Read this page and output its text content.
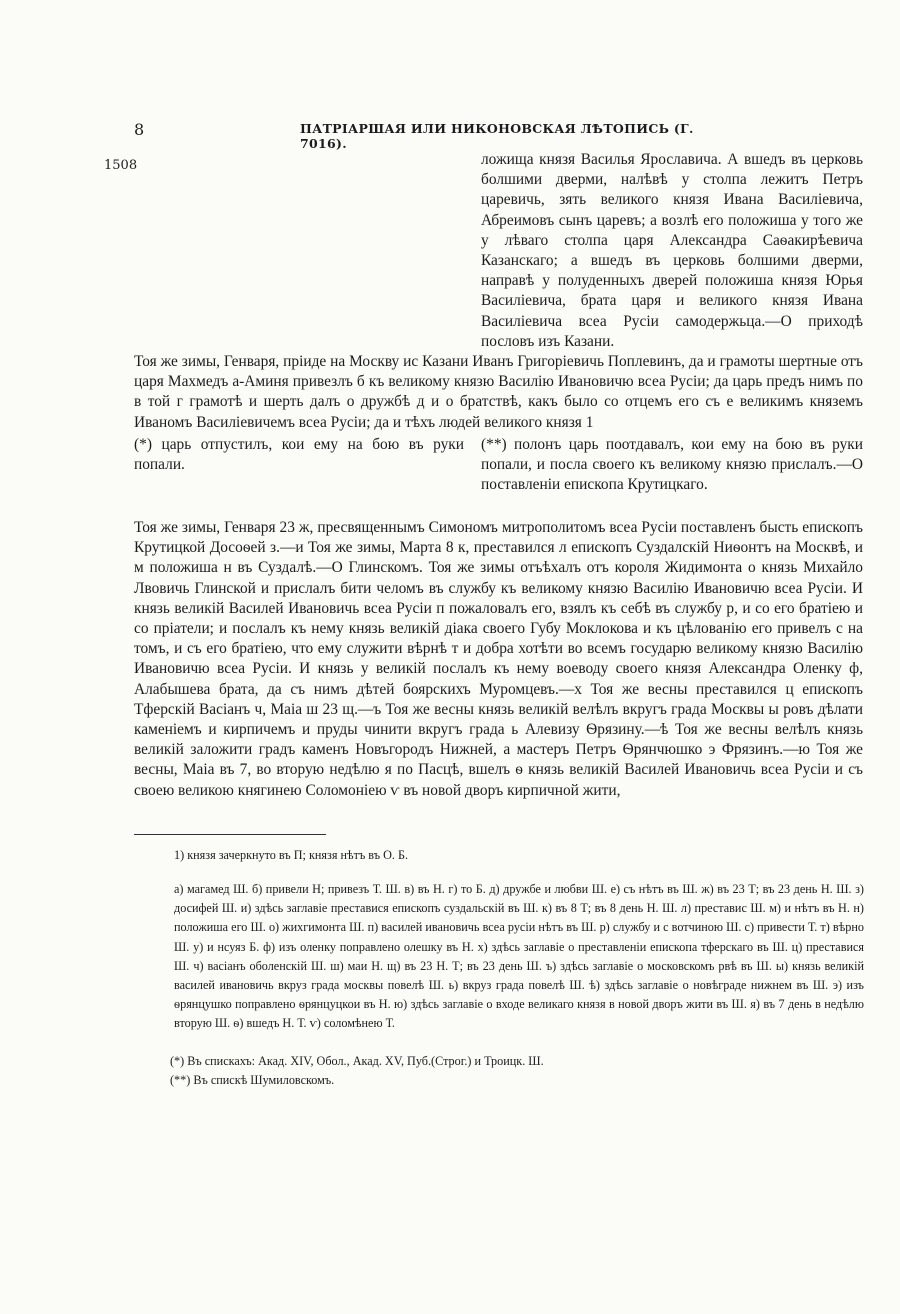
8	ПАТРІАРШАЯ ИЛИ НИКОНОВСКАЯ ЛѢТОПИСЬ (Г. 7016).
1508	ложища князя Василья Ярославича. А вшедъ въ церковь болшими дверми, налѣвѣ у столпа лежитъ Петръ царевичь, зять великого князя Ивана Василіевича, Абреимовъ сынъ царевъ; а возлѣ его положиша у того же у лѣваго столпа царя Александра Саѳакирѣевича Казанскаго; а вшедъ въ церковь болшими дверми, направѣ у полуденныхъ дверей положиша князя Юрья Василіевича, брата царя и великого князя Ивана Василіевича всеа Русіи самодержьца.—О приходѣ пословъ изъ Казани.
Тоя же зимы, Генваря, пріиде на Москву ис Казани Иванъ Григоріевичь Поплевинъ, да и грамоты шертные отъ царя Махмедъ а-Аминя привезлъ б къ великому князю Василію Ивановичю всеа Русіи; да царь предъ нимъ по в той г грамотѣ и шерть далъ о дружбѣ д и о братствѣ, какъ было со отцемъ его съ е великимъ княземъ Иваномъ Василіевичемъ всеа Русіи; да и тѣхъ людей великого князя 1
(*) царь отпустилъ, кои ему на бою въ руки попали.
(**) полонъ царь поотдавалъ, кои ему на бою въ руки попали, и посла своего къ великому князю прислалъ.—О поставленіи епископа Крутицкаго.
Тоя же зимы, Генваря 23 ж, пресвященнымъ Симономъ митрополитомъ всеа Русіи поставленъ бысть епископъ Крутицкой Досоѳей з.—и Тоя же зимы, Марта 8 к, преставился л епископъ Суздалскій Ниѳонтъ на Москвѣ, и м положиша н въ Суздалѣ.—О Глинскомъ. Тоя же зимы отъѣхалъ отъ короля Жидимонта о князь Михайло Лвовичь Глинской и прислалъ бити челомъ въ службу къ великому князю Василію Ивановичю всеа Русіи. И князь великій Василей Ивановичь всеа Русіи п пожаловалъ его, взялъ къ себѣ въ службу р, и со его братіею и со пріатели; и послалъ къ нему князь великій діака своего Губу Моклокова и къ цѣлованію его привелъ с на томъ, и съ его братіею, что ему служити вѣрнѣ т и добра хотѣти во всемъ государю великому князю Василію Ивановичю всеа Русіи. И князь у великій послалъ къ нему воеводу своего князя Александра Оленку ф, Алабышева брата, да съ нимъ дѣтей боярскихъ Муромцевъ.—х Тоя же весны преставился ц епископъ Тферскій Васіанъ ч, Маіа ш 23 щ.—ъ Тоя же весны князь великій велѣлъ вкругъ града Москвы ы ровъ дѣлати каменіемъ и кирпичемъ и пруды чинити вкругъ града ь Алевизу Ѳрязину.—ѣ Тоя же весны велѣлъ князь великій заложити градъ каменъ Новъгородъ Нижней, а мастеръ Петръ Ѳрянчюшко э Фрязинъ.—ю Тоя же весны, Маіа въ 7, во вторую недѣлю я по Пасцѣ, вшелъ ѳ князь великій Василей Ивановичь всеа Русіи и съ своею великою княгинею Соломоніею ѵ въ новой дворъ кирпичной жити,
1) князя зачеркнуто въ П; князя нѣтъ въ О. Б.
а) магамед Ш. б) привели Н; привезъ Т. Ш. в) въ Н. г) то Б. д) дружбе и любви Ш. е) съ нѣтъ въ Ш. ж) въ 23 Т; въ 23 день Н. Ш. з) досифей Ш. и) здѣсь заглавіе преставися епископъ суздальскій въ Ш. к) въ 8 Т; въ 8 день Н. Ш. л) преставис Ш. м) и нѣтъ въ Н. н) положиша его Ш. о) жихгимонта Ш. п) василей ивановичь всеа русіи нѣтъ въ Ш. р) службу и с вотчиною Ш. с) привести Т. т) вѣрно Ш. у) и нсуяз Б. ф) изъ оленку поправлено олешку въ Н. х) здѣсь заглавіе о преставленіи епископа тферскаго въ Ш. ц) преставися Ш. ч) васіанъ оболенскій Ш. ш) маи Н. щ) въ 23 Н. Т; въ 23 день Ш. ъ) здѣсь заглавіе о московскомъ рвѣ въ Ш. ы) князь великій василей ивановичь вкруз града москвы повелѣ Ш. ь) вкруз града повелѣ Ш. ѣ) здѣсь заглавіе о новѣграде нижнем въ Ш. э) изъ ѳрянцушко поправлено ѳрянцуцкои въ Н. ю) здѣсь заглавіе о входе великаго князя в новой дворъ жити въ Ш. я) въ 7 день в недѣлю вторую Ш. ѳ) вшедъ Н. Т. ѵ) соломѣнею Т.
(*) Въ спискахъ: Акад. XIV, Обол., Акад. XV, Пуб.(Строг.) и Троицк. Ш.
(**) Въ спискѣ Шумиловскомъ.
